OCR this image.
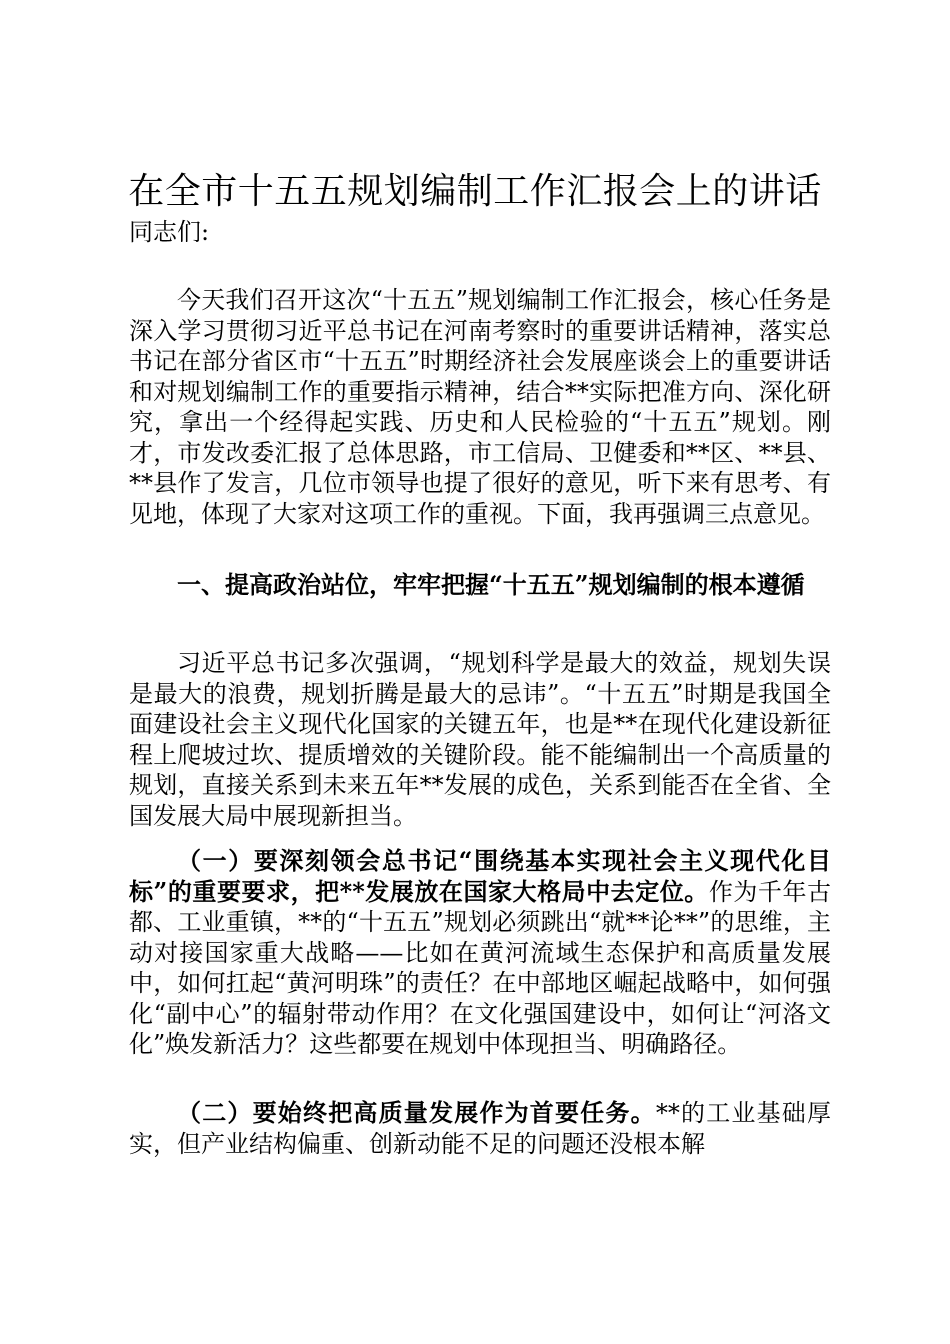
在全市十五五规划编制工作汇报会上的讲话

同志们:

今天我们召开这次“十五五”规划编制工作汇报会，核心任务是深入学习贯彻习近平总书记在河南考察时的重要讲话精神，落实总书记在部分省区市“十五五”时期经济社会发展座谈会上的重要讲话和对规划编制工作的重要指示精神，结合**实际把准方向、深化研究，拿出一个经得起实践、历史和人民检验的“十五五”规划。刚才，市发改委汇报了总体思路，市工信局、卫健委和**区、**县、**县作了发言，几位市领导也提了很好的意见，听下来有思考、有见地，体现了大家对这项工作的重视。下面，我再强调三点意见。

一、提高政治站位，牢牢把握“十五五”规划编制的根本遵循

习近平总书记多次强调，“规划科学是最大的效益，规划失误是最大的浪费，规划折腾是最大的忌讳”。“十五五”时期是我国全面建设社会主义现代化国家的关键五年，也是**在现代化建设新征程上爬坡过坎、提质增效的关键阶段。能不能编制出一个高质量的规划，直接关系到未来五年**发展的成色，关系到能否在全省、全国发展大局中展现新担当。

（一）要深刻领会总书记“围绕基本实现社会主义现代化目标”的重要要求，把**发展放在国家大格局中去定位。作为千年古都、工业重镇，**的“十五五”规划必须跳出“就**论**”的思维，主动对接国家重大战略——比如在黄河流域生态保护和高质量发展中，如何扛起“黄河明珠”的责任？在中部地区崛起战略中，如何强化“副中心”的辐射带动作用？在文化强国建设中，如何让“河洛文化”焕发新活力？这些都要在规划中体现担当、明确路径。

（二）要始终把高质量发展作为首要任务。**的工业基础厚实，但产业结构偏重、创新动能不足的问题还没根本解
